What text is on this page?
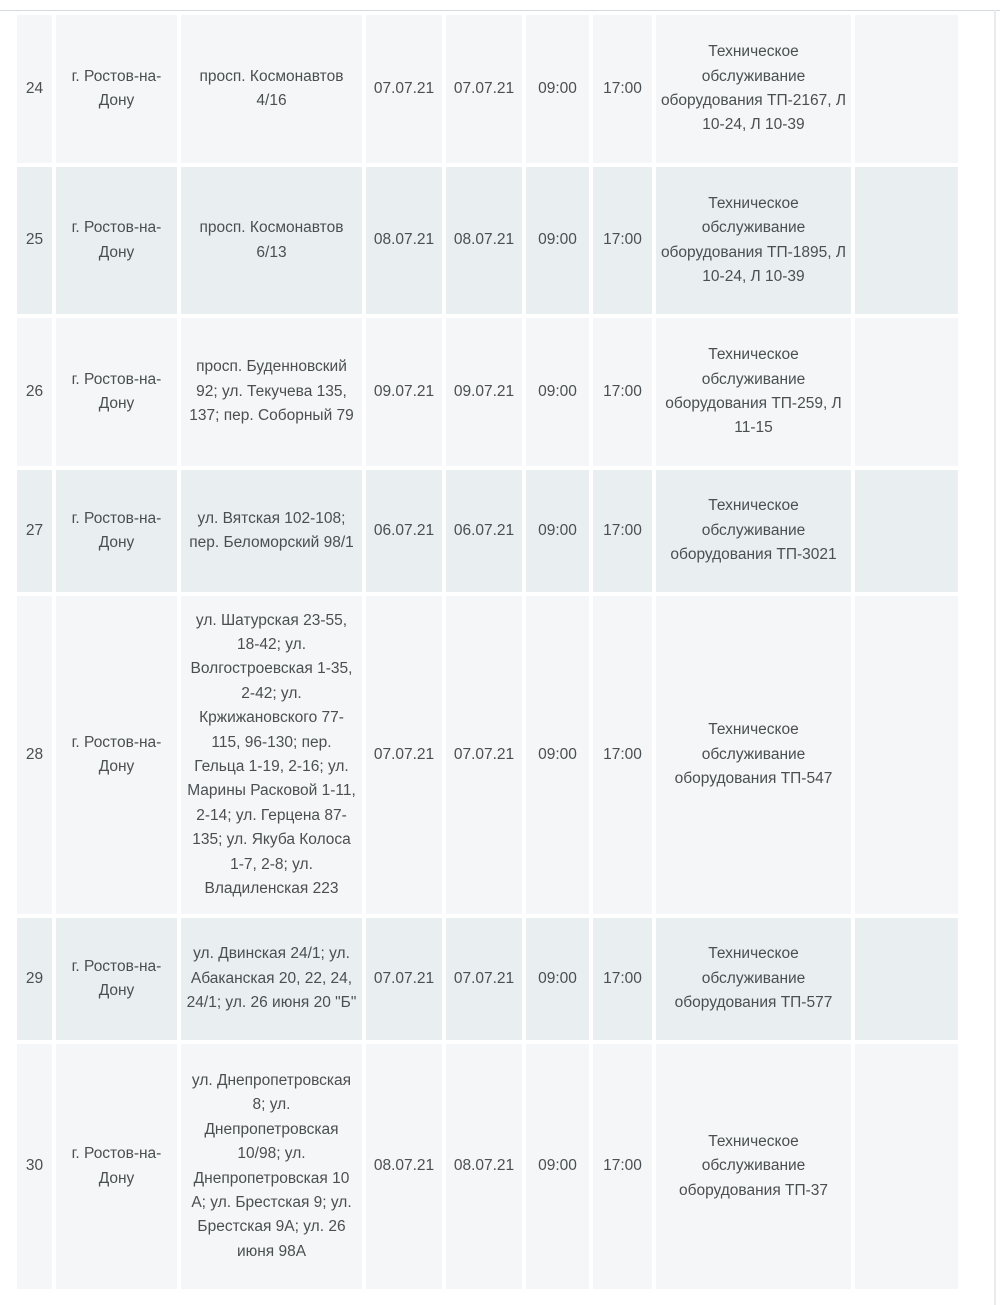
24	г. Ростов-на-Дону	просп. Космонавтов 4/16	07.07.21	07.07.21	09:00	17:00	Техническое обслуживание оборудования ТП-2167, Л 10-24, Л 10-39	
25	г. Ростов-на-Дону	просп. Космонавтов 6/13	08.07.21	08.07.21	09:00	17:00	Техническое обслуживание оборудования ТП-1895, Л 10-24, Л 10-39	
26	г. Ростов-на-Дону	просп. Буденновский 92; ул. Текучева 135, 137; пер. Соборный 79	09.07.21	09.07.21	09:00	17:00	Техническое обслуживание оборудования ТП-259, Л 11-15	
27	г. Ростов-на-Дону	ул. Вятская 102-108; пер. Беломорский 98/1	06.07.21	06.07.21	09:00	17:00	Техническое обслуживание оборудования ТП-3021	
28	г. Ростов-на-Дону	ул. Шатурская 23-55, 18-42; ул. Волгостроевская 1-35, 2-42; ул. Кржижановского 77-115, 96-130; пер. Гельца 1-19, 2-16; ул. Марины Расковой 1-11, 2-14; ул. Герцена 87-135; ул. Якуба Колоса 1-7, 2-8; ул. Владиленская 223	07.07.21	07.07.21	09:00	17:00	Техническое обслуживание оборудования ТП-547	
29	г. Ростов-на-Дону	ул. Двинская 24/1; ул. Абаканская 20, 22, 24, 24/1; ул. 26 июня 20 "Б"	07.07.21	07.07.21	09:00	17:00	Техническое обслуживание оборудования ТП-577	
30	г. Ростов-на-Дону	ул. Днепропетровская 8; ул. Днепропетровская 10/98; ул. Днепропетровская 10 А; ул. Брестская 9; ул. Брестская 9А; ул. 26 июня 98А	08.07.21	08.07.21	09:00	17:00	Техническое обслуживание оборудования ТП-37	
